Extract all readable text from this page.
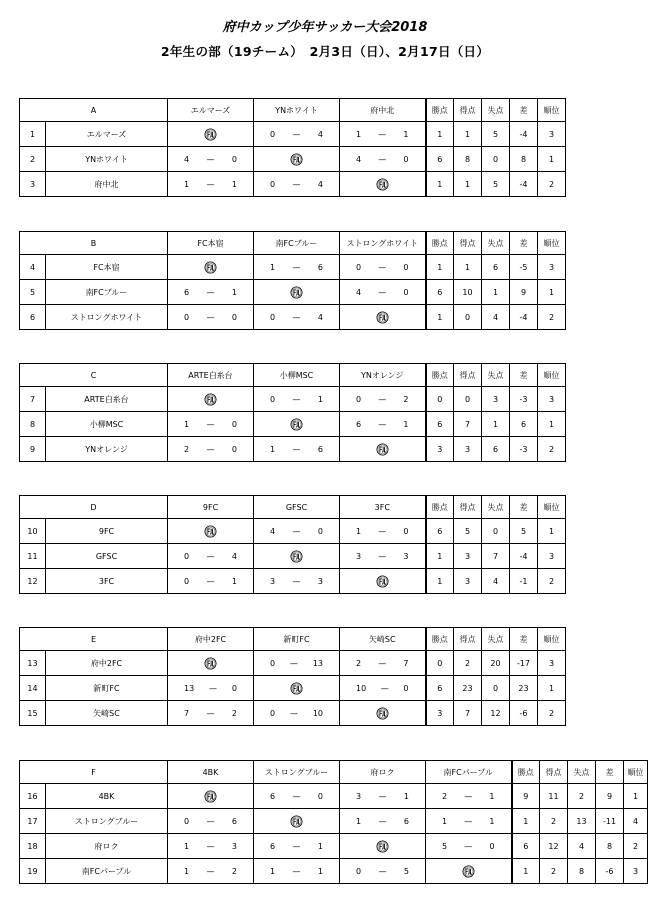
府中カップ少年サッカー大会2018
2年生の部（19チーム）　2月3日（日）、2月17日（日）
A		エルマーズ	YNホワイト	府中北	勝点	得点	失点	差	順位
1	エルマーズ		0 — 4	1 — 1	1	1	5	-4	3
2	YNホワイト	4 — 0		4 — 0	6	8	0	8	1
3	府中北	1 — 1	0 — 4		1	1	5	-4	2
B		FC本宿	南FCブルー	ストロングホワイト	勝点	得点	失点	差	順位
4	FC本宿		1 — 6	0 — 0	1	1	6	-5	3
5	南FCブルー	6 — 1		4 — 0	6	10	1	9	1
6	ストロングホワイト	0 — 0	0 — 4		1	0	4	-4	2
C		ARTE白糸台	小柳MSC	YNオレンジ	勝点	得点	失点	差	順位
7	ARTE白糸台		0 — 1	0 — 2	0	0	3	-3	3
8	小柳MSC	1 — 0		6 — 1	6	7	1	6	1
9	YNオレンジ	2 — 0	1 — 6		3	3	6	-3	2
D		9FC	GFSC	3FC	勝点	得点	失点	差	順位
10	9FC		4 — 0	1 — 0	6	5	0	5	1
11	GFSC	0 — 4		3 — 3	1	3	7	-4	3
12	3FC	0 — 1	3 — 3		1	3	4	-1	2
E		府中2FC	新町FC	矢崎SC	勝点	得点	失点	差	順位
13	府中2FC		0 — 13	2 — 7	0	2	20	-17	3
14	新町FC	13 — 0		10 — 0	6	23	0	23	1
15	矢崎SC	7 — 2	0 — 10		3	7	12	-6	2
F		4BK	ストロングブルー	府ロク	南FCパープル	勝点	得点	失点	差	順位
16	4BK		6 — 0	3 — 1	2 — 1	9	11	2	9	1
17	ストロングブルー	0 — 6		1 — 6	1 — 1	1	2	13	-11	4
18	府ロク	1 — 3	6 — 1		5 — 0	6	12	4	8	2
19	南FCパープル	1 — 2	1 — 1	0 — 5		1	2	8	-6	3
